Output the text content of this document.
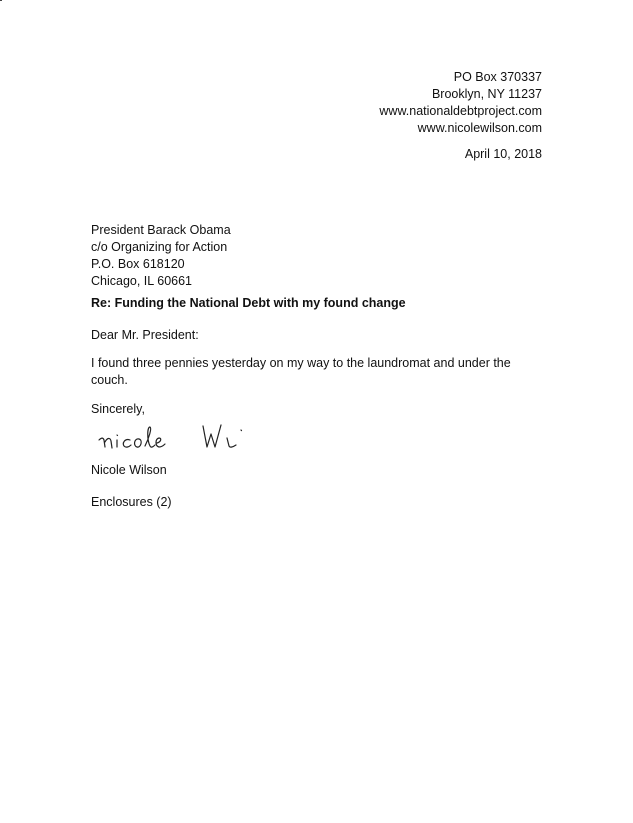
PO Box 370337
Brooklyn, NY 11237
www.nationaldebtproject.com
www.nicolewilson.com
April 10, 2018
President Barack Obama
c/o Organizing for Action
P.O. Box 618120
Chicago, IL 60661
Re: Funding the National Debt with my found change
Dear Mr. President:
I found three pennies yesterday on my way to the laundromat and under the couch.
Sincerely,
Nicole Wilson
Enclosures (2)
